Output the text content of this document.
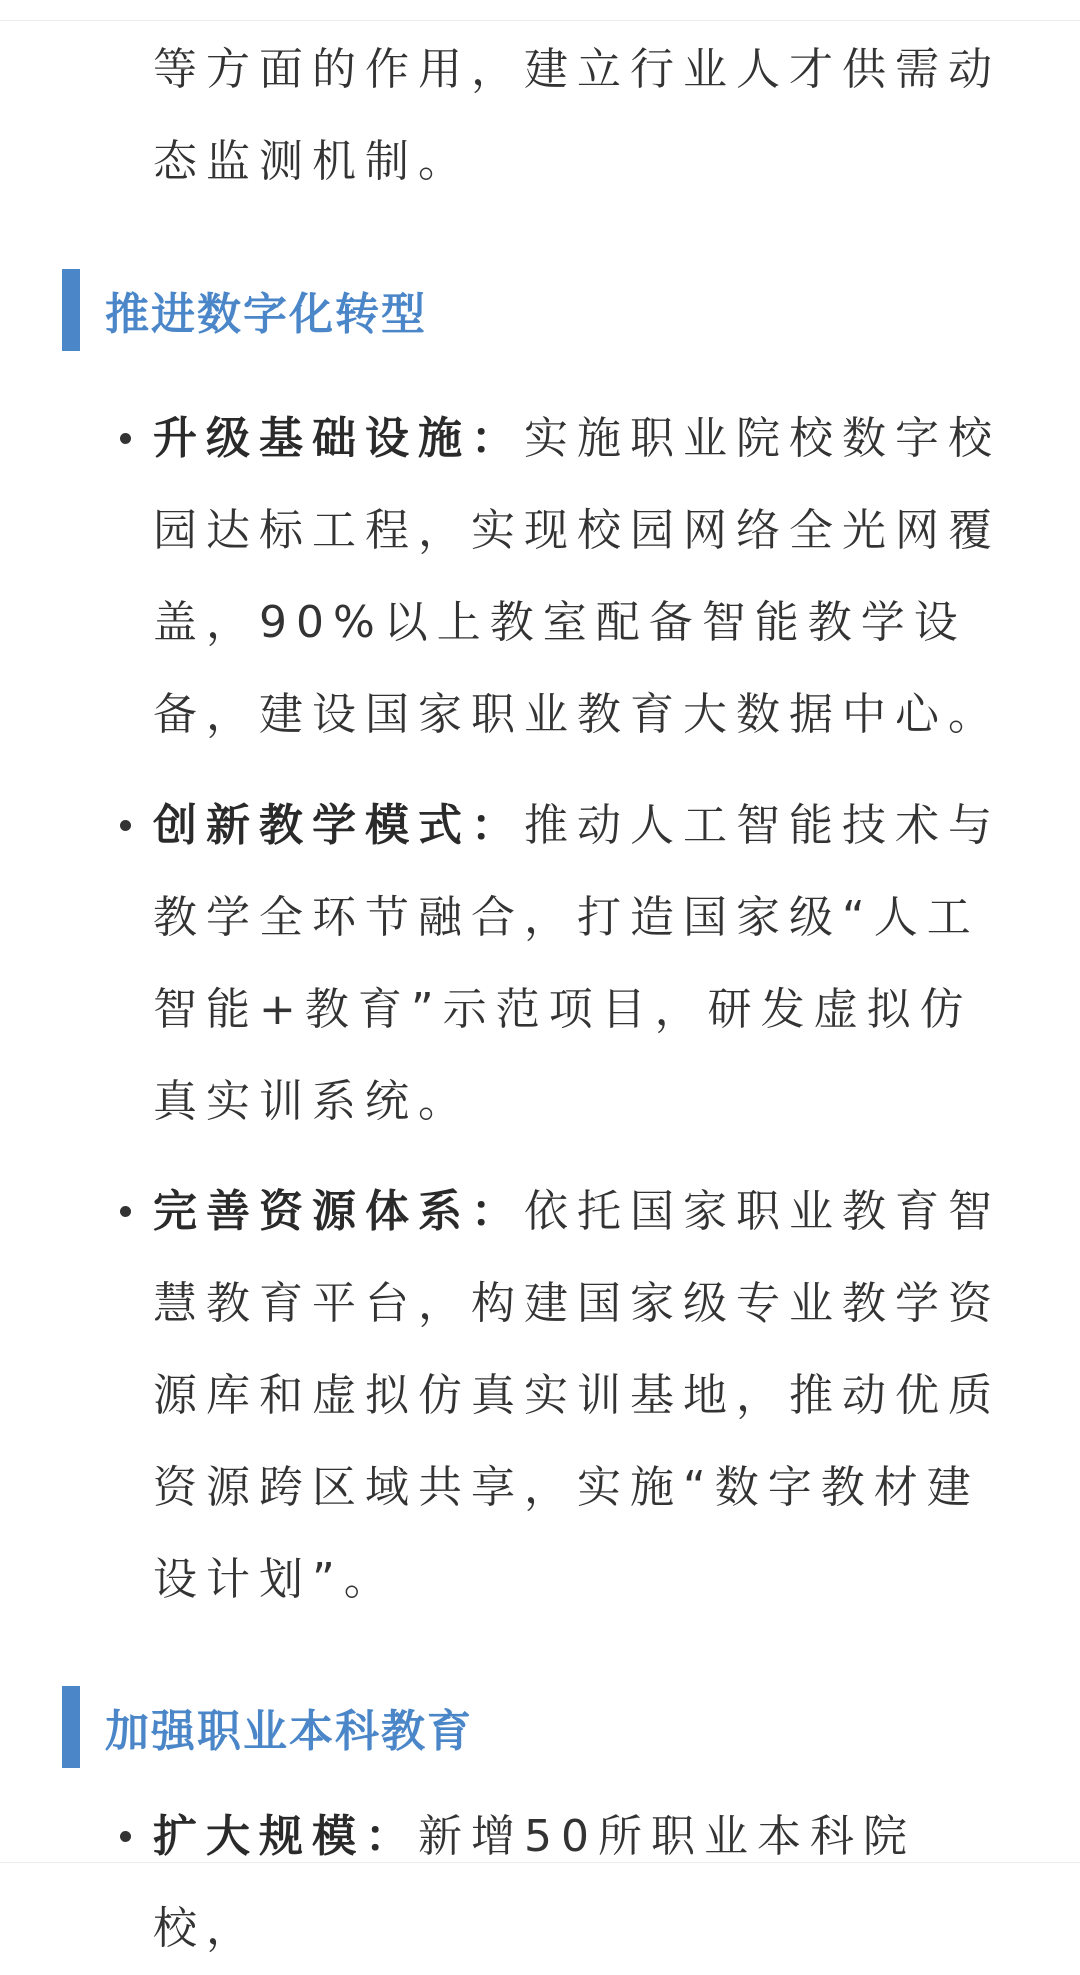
等方面的作用，建立行业人才供需动态监测机制。

推进数字化转型
升级基础设施：实施职业院校数字校园达标工程，实现校园网络全光网覆盖，90%以上教室配备智能教学设备，建设国家职业教育大数据中心。
创新教学模式：推动人工智能技术与教学全环节融合，打造国家级“人工智能+教育”示范项目，研发虚拟仿真实训系统。
完善资源体系：依托国家职业教育智慧教育平台，构建国家级专业教学资源库和虚拟仿真实训基地，推动优质资源跨区域共享，实施“数字教材建设计划”。
加强职业本科教育
扩大规模：新增50所职业本科院校，
